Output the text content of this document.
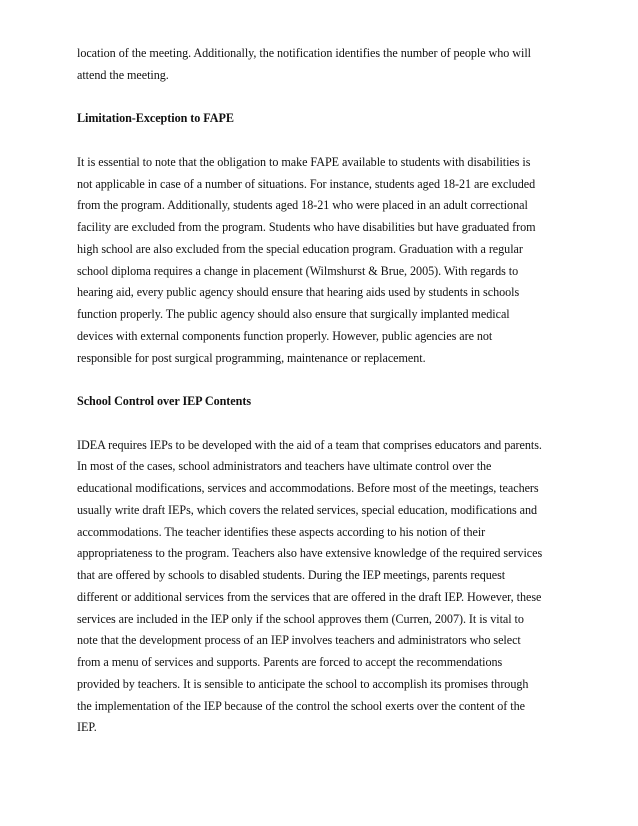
location of the meeting. Additionally, the notification identifies the number of people who will
attend the meeting.
Limitation-Exception to FAPE
It is essential to note that the obligation to make FAPE available to students with disabilities is
not applicable in case of a number of situations. For instance, students aged 18-21 are excluded
from the program. Additionally, students aged 18-21 who were placed in an adult correctional
facility are excluded from the program. Students who have disabilities but have graduated from
high school are also excluded from the special education program. Graduation with a regular
school diploma requires a change in placement (Wilmshurst & Brue, 2005). With regards to
hearing aid, every public agency should ensure that hearing aids used by students in schools
function properly. The public agency should also ensure that surgically implanted medical
devices with external components function properly. However, public agencies are not
responsible for post surgical programming, maintenance or replacement.
School Control over IEP Contents
IDEA requires IEPs to be developed with the aid of a team that comprises educators and parents.
In most of the cases, school administrators and teachers have ultimate control over the
educational modifications, services and accommodations. Before most of the meetings, teachers
usually write draft IEPs, which covers the related services, special education, modifications and
accommodations. The teacher identifies these aspects according to his notion of their
appropriateness to the program. Teachers also have extensive knowledge of the required services
that are offered by schools to disabled students. During the IEP meetings, parents request
different or additional services from the services that are offered in the draft IEP. However, these
services are included in the IEP only if the school approves them (Curren, 2007). It is vital to
note that the development process of an IEP involves teachers and administrators who select
from a menu of services and supports. Parents are forced to accept the recommendations
provided by teachers. It is sensible to anticipate the school to accomplish its promises through
the implementation of the IEP because of the control the school exerts over the content of the
IEP.
